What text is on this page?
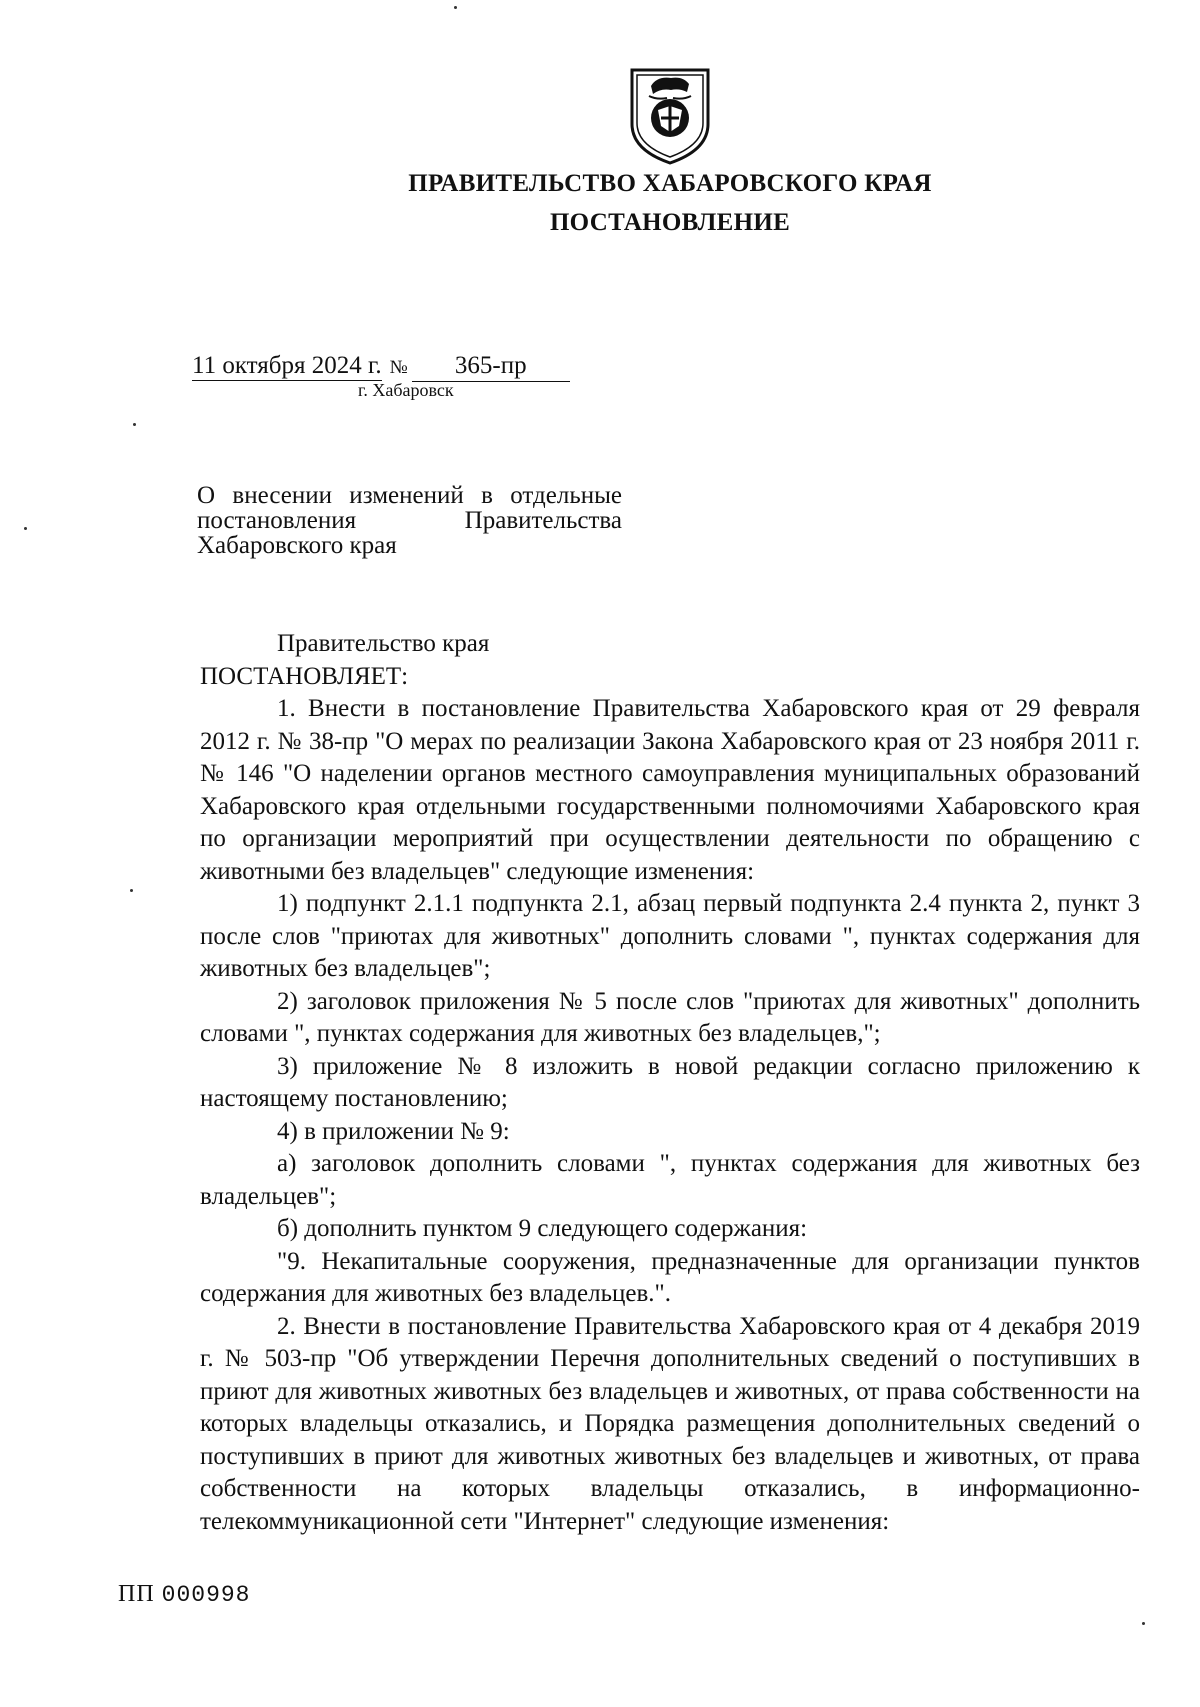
ПРАВИТЕЛЬСТВО ХАБАРОВСКОГО КРАЯ
ПОСТАНОВЛЕНИЕ
11 октября 2024 г. № 365-пр
г. Хабаровск
О внесении изменений в отдельные
постановления Правительства
Хабаровского края

Правительство края

ПОСТАНОВЛЯЕТ:

1. Внести в постановление Правительства Хабаровского края от 29 февраля 2012 г. № 38-пр "О мерах по реализации Закона Хабаровского края от 23 ноября 2011 г. № 146 "О наделении органов местного самоуправления муниципальных образований Хабаровского края отдельными государственными полномочиями Хабаровского края по организации мероприятий при осуществлении деятельности по обращению с животными без владельцев" следующие изменения:

1) подпункт 2.1.1 подпункта 2.1, абзац первый подпункта 2.4 пункта 2, пункт 3 после слов "приютах для животных" дополнить словами ", пунктах содержания для животных без владельцев";

2) заголовок приложения № 5 после слов "приютах для животных" дополнить словами ", пунктах содержания для животных без владельцев,";

3) приложение № 8 изложить в новой редакции согласно приложению к настоящему постановлению;

4) в приложении № 9:

а) заголовок дополнить словами ", пунктах содержания для животных без владельцев";

б) дополнить пунктом 9 следующего содержания:

"9. Некапитальные сооружения, предназначенные для организации пунктов содержания для животных без владельцев.".

2. Внести в постановление Правительства Хабаровского края от 4 декабря 2019 г. № 503-пр "Об утверждении Перечня дополнительных сведений о поступивших в приют для животных животных без владельцев и животных, от права собственности на которых владельцы отказались, и Порядка размещения дополнительных сведений о поступивших в приют для животных животных без владельцев и животных, от права собственности на которых владельцы отказались, в информационно-телекоммуникационной сети "Интернет" следующие изменения:

ПП 000998
